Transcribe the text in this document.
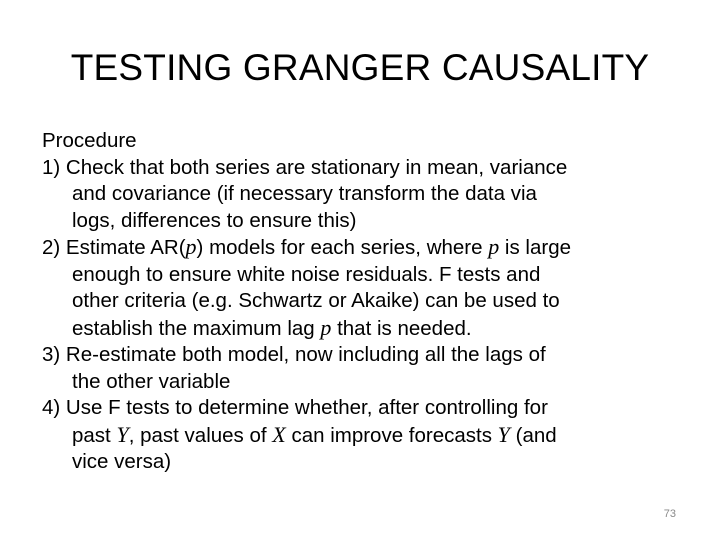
TESTING GRANGER CAUSALITY
Procedure
1) Check that both series are stationary in mean, variance
and covariance (if necessary transform the data via
logs, differences to ensure this)
2) Estimate AR(p) models for each series, where p is large
enough to ensure white noise residuals. F tests and
other criteria (e.g. Schwartz or Akaike) can be used to
establish the maximum lag p that is needed.
3) Re-estimate both model, now including all the lags of
the other variable
4) Use F tests to determine whether, after controlling for
past Y, past values of X can improve forecasts Y (and
vice versa)
73
